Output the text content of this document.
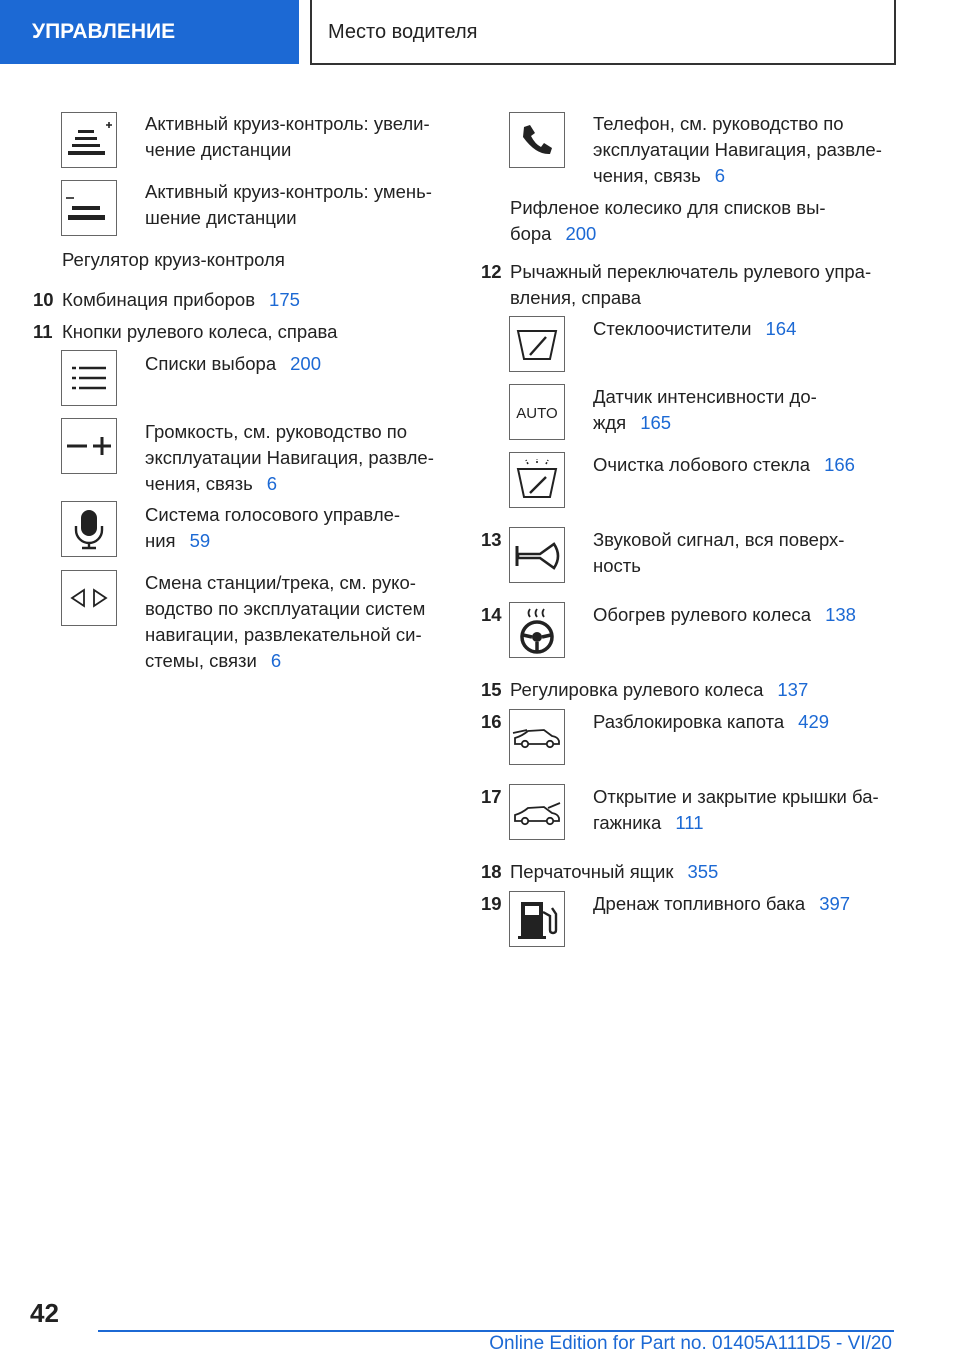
УПРАВЛЕНИЕ	Место водителя
Активный круиз-контроль: увели-
чение дистанции
Активный круиз-контроль: умень-
шение дистанции
Регулятор круиз-контроля
10 Комбинация приборов 175
11 Кнопки рулевого колеса, справа
Списки выбора 200
Громкость, см. руководство по
эксплуатации Навигация, развле-
чения, связь 6
Система голосового управле-
ния 59
Смена станции/трека, см. руко-
водство по эксплуатации систем
навигации, развлекательной си-
стемы, связи 6
Телефон, см. руководство по
эксплуатации Навигация, развле-
чения, связь 6
Рифленое колесико для списков вы-
бора 200
12 Рычажный переключатель рулевого упра-
вления, справа
Стеклоочистители 164
AUTO
Датчик интенсивности до-
ждя 165
Очистка лобового стекла 166
13	Звуковой сигнал, вся поверх-
ность
14	Обогрев рулевого колеса 138
15 Регулировка рулевого колеса 137
16	Разблокировка капота 429
17	Открытие и закрытие крышки ба-
гажника 111
18 Перчаточный ящик 355
19	Дренаж топливного бака 397
42
Online Edition for Part no. 01405A111D5 - VI/20
